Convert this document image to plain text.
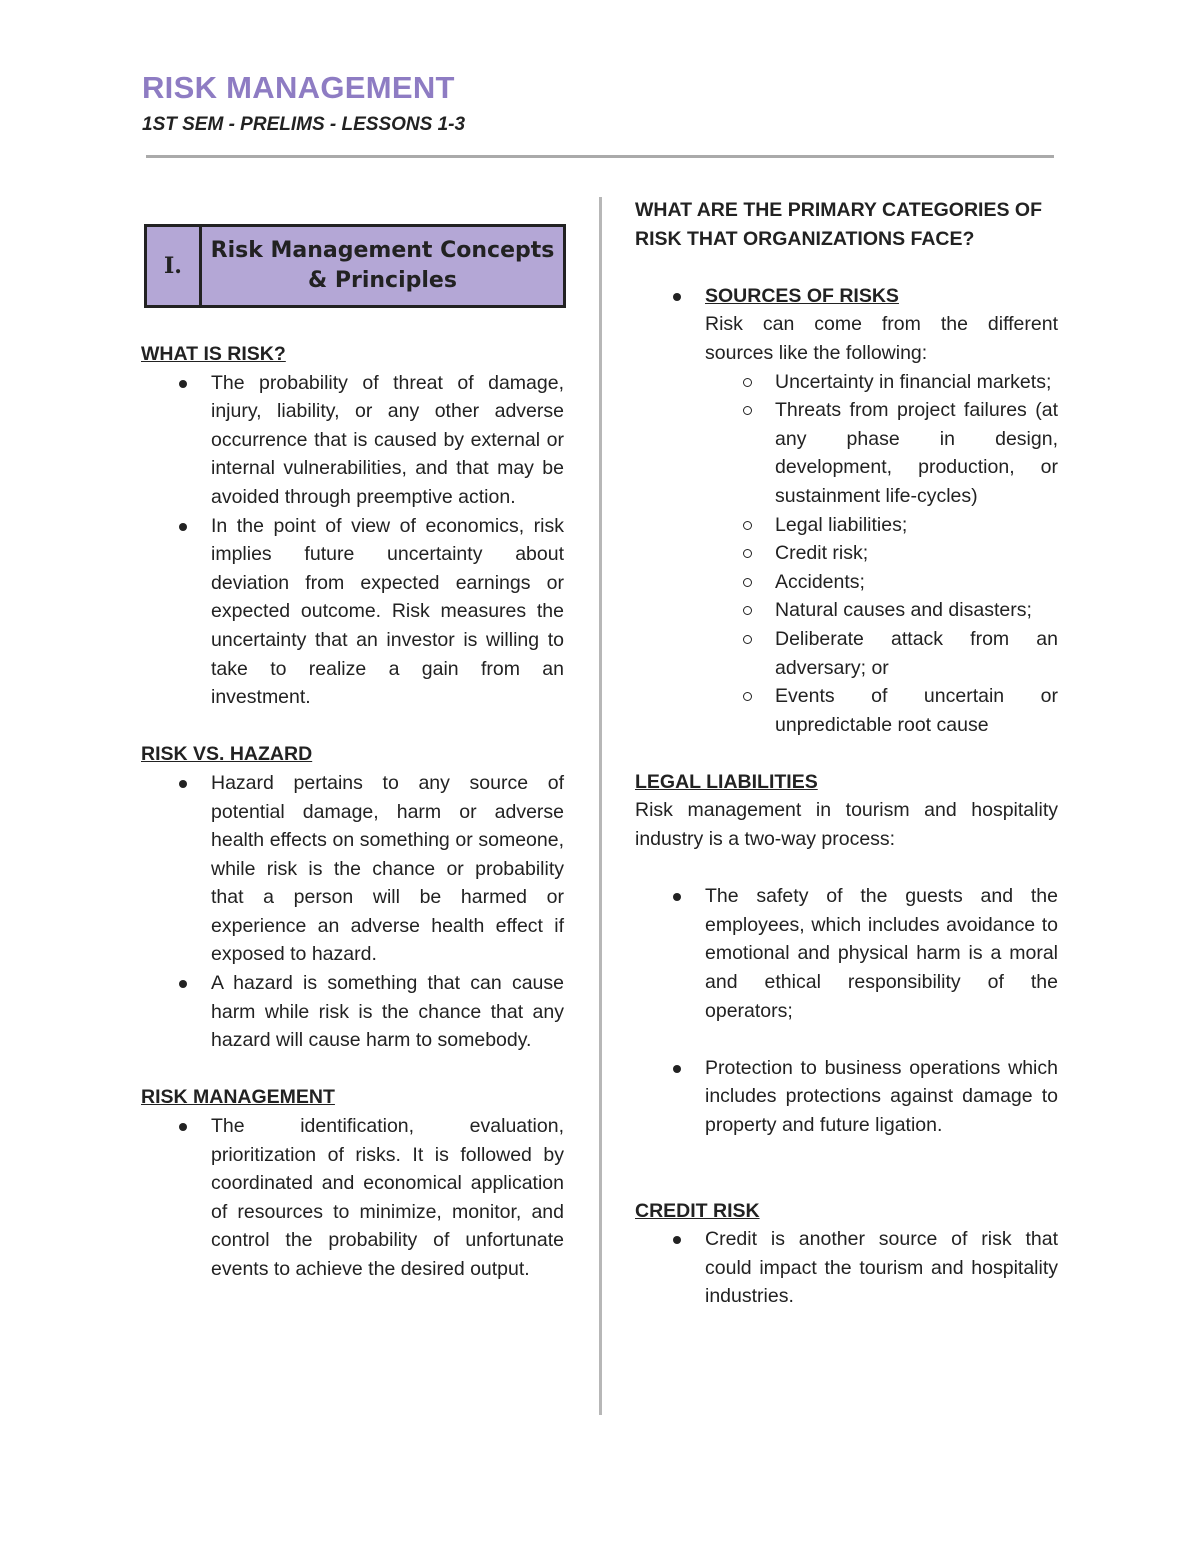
RISK MANAGEMENT

1ST SEM - PRELIMS - LESSONS 1-3

I.
Risk Management Concepts & Principles

WHAT IS RISK?

The probability of threat of damage, injury, liability, or any other adverse occurrence that is caused by external or internal vulnerabilities, and that may be avoided through preemptive action.
In the point of view of economics, risk implies future uncertainty about deviation from expected earnings or expected outcome. Risk measures the uncertainty that an investor is willing to take to realize a gain from an investment.

RISK VS. HAZARD

Hazard pertains to any source of potential damage, harm or adverse health effects on something or someone, while risk is the chance or probability that a person will be harmed or experience an adverse health effect if exposed to hazard.
A hazard is something that can cause harm while risk is the chance that any hazard will cause harm to somebody.

RISK MANAGEMENT

The identification, evaluation, prioritization of risks. It is followed by coordinated and economical application of resources to minimize, monitor, and control the probability of unfortunate events to achieve the desired output.

WHAT ARE THE PRIMARY CATEGORIES OF RISK THAT ORGANIZATIONS FACE?

SOURCES OF RISKS
Risk can come from the different sources like the following:
Uncertainty in financial markets;
Threats from project failures (at any phase in design, development, production, or sustainment life-cycles)
Legal liabilities;
Credit risk;
Accidents;
Natural causes and disasters;
Deliberate attack from an adversary; or
Events of uncertain or unpredictable root cause

LEGAL LIABILITIES

Risk management in tourism and hospitality industry is a two-way process:

The safety of the guests and the employees, which includes avoidance to emotional and physical harm is a moral and ethical responsibility of the operators;
Protection to business operations which includes protections against damage to property and future ligation.

CREDIT RISK

Credit is another source of risk that could impact the tourism and hospitality industries.
